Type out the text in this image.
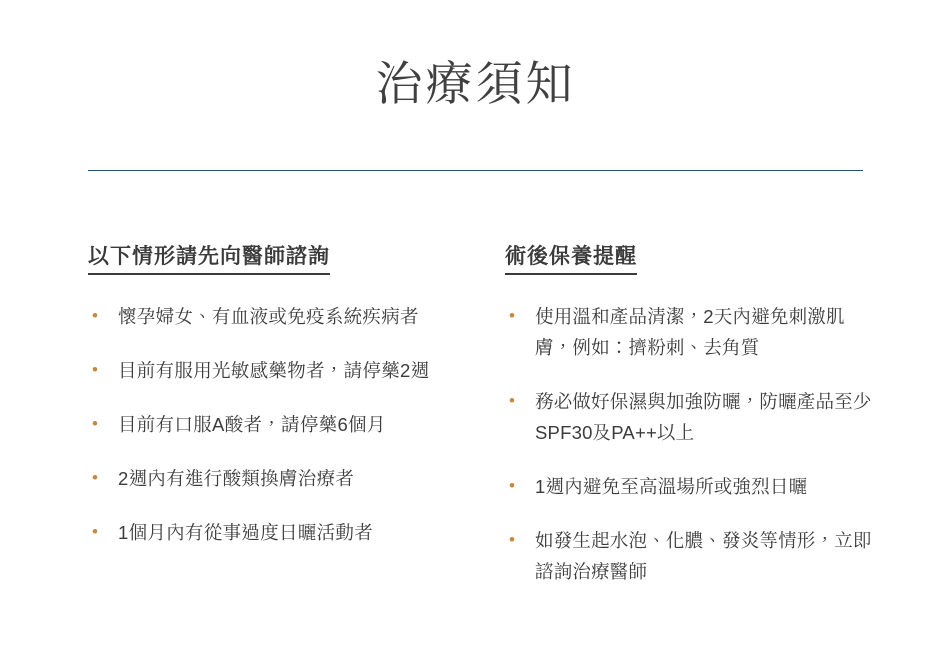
治療須知
以下情形請先向醫師諮詢
•	懷孕婦女、有血液或免疫系統疾病者
•	目前有服用光敏感藥物者，請停藥2週
•	目前有口服A酸者，請停藥6個月
•	2週內有進行酸類換膚治療者
•	1個月內有從事過度日曬活動者
術後保養提醒
•	使用溫和產品清潔，2天內避免刺激肌膚，例如：擠粉刺、去角質
•	務必做好保濕與加強防曬，防曬產品至少SPF30及PA++以上
•	1週內避免至高溫場所或強烈日曬
•	如發生起水泡、化膿、發炎等情形，立即諮詢治療醫師
